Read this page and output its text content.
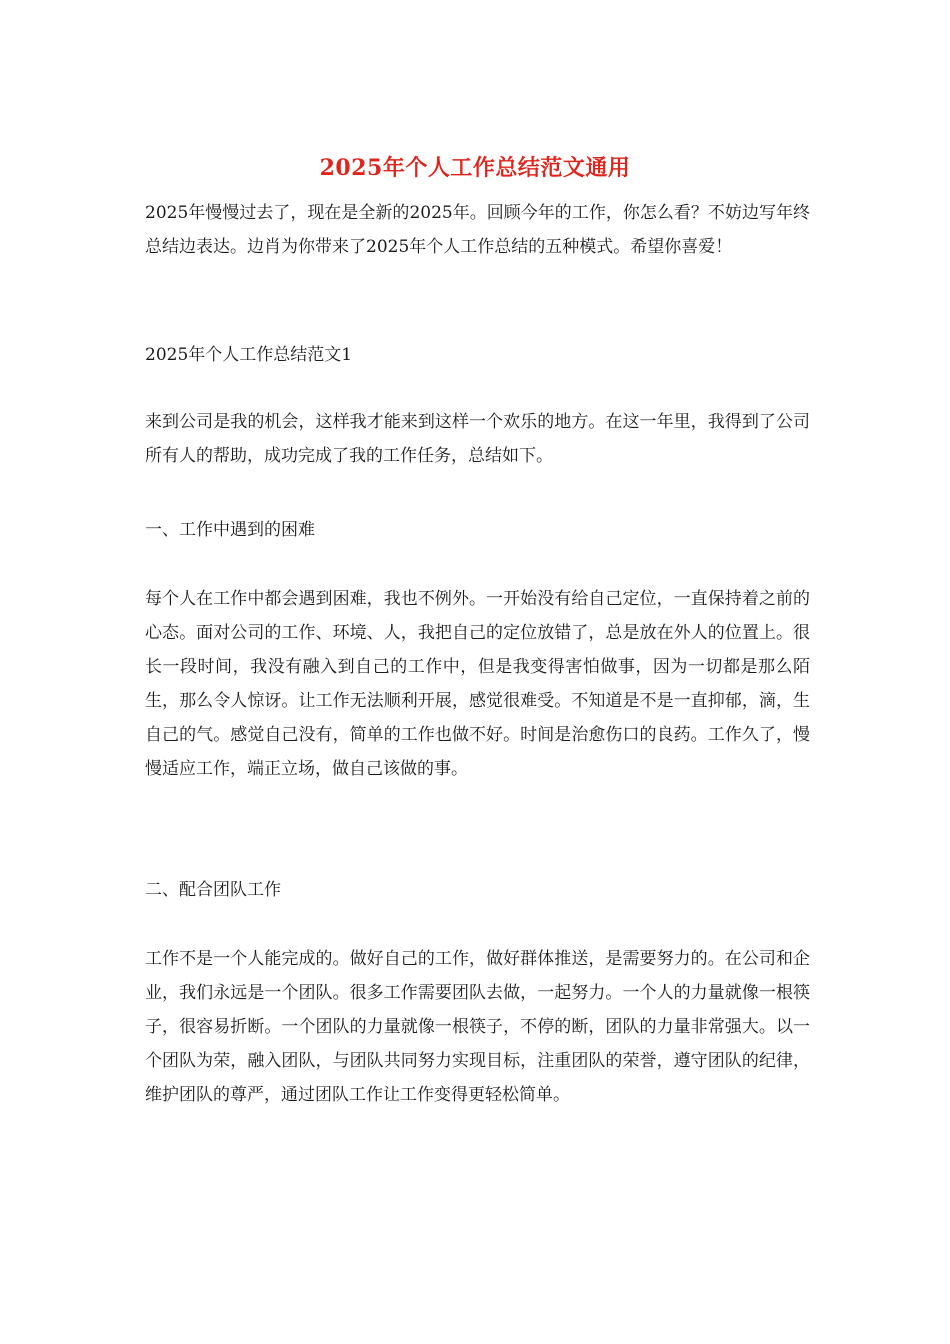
2025年个人工作总结范文通用

2025年慢慢过去了，现在是全新的2025年。回顾今年的工作，你怎么看？不妨边写年终总结边表达。边肖为你带来了2025年个人工作总结的五种模式。希望你喜爱！

2025年个人工作总结范文1

来到公司是我的机会，这样我才能来到这样一个欢乐的地方。在这一年里，我得到了公司所有人的帮助，成功完成了我的工作任务，总结如下。

一、工作中遇到的困难

每个人在工作中都会遇到困难，我也不例外。一开始没有给自己定位，一直保持着之前的心态。面对公司的工作、环境、人，我把自己的定位放错了，总是放在外人的位置上。很长一段时间，我没有融入到自己的工作中，但是我变得害怕做事，因为一切都是那么陌生，那么令人惊讶。让工作无法顺利开展，感觉很难受。不知道是不是一直抑郁，滴，生自己的气。感觉自己没有，简单的工作也做不好。时间是治愈伤口的良药。工作久了，慢慢适应工作，端正立场，做自己该做的事。

二、配合团队工作

工作不是一个人能完成的。做好自己的工作，做好群体推送，是需要努力的。在公司和企业，我们永远是一个团队。很多工作需要团队去做，一起努力。一个人的力量就像一根筷子，很容易折断。一个团队的力量就像一根筷子，不停的断，团队的力量非常强大。以一个团队为荣，融入团队，与团队共同努力实现目标，注重团队的荣誉，遵守团队的纪律，维护团队的尊严，通过团队工作让工作变得更轻松简单。
